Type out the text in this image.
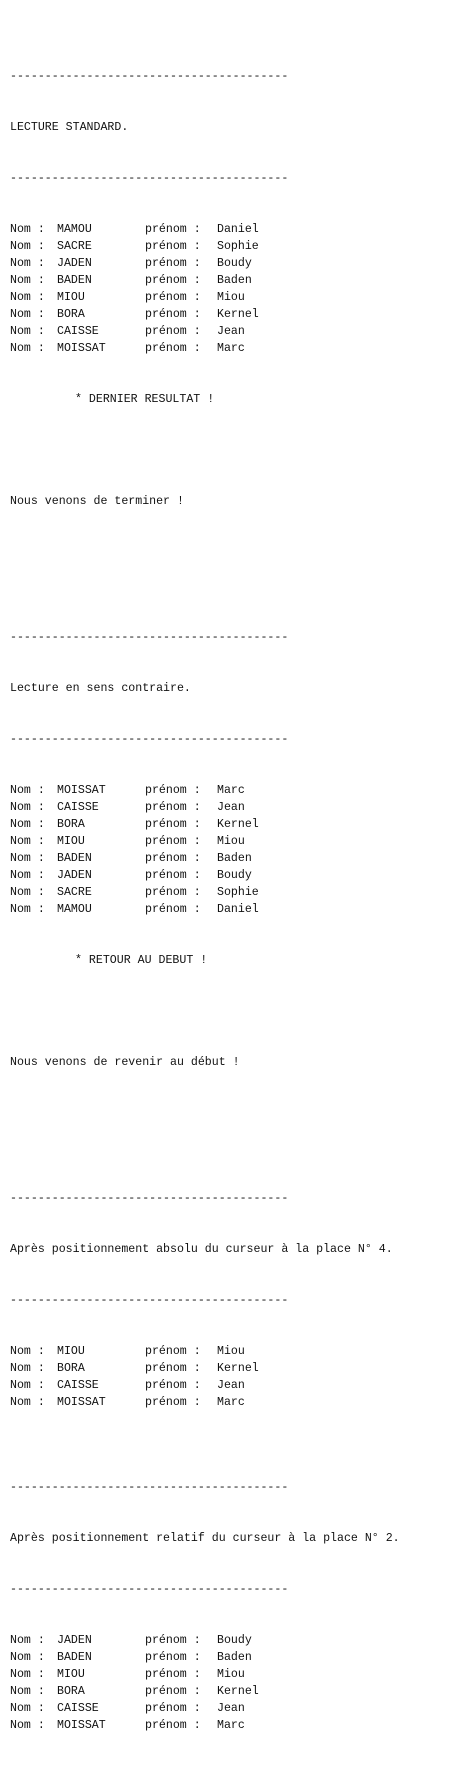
----------------------------------------

LECTURE STANDARD.

----------------------------------------

Nom : MAMOU	prénom : Daniel
Nom : SACRE	prénom : Sophie
Nom : JADEN	prénom : Boudy
Nom : BADEN	prénom : Baden
Nom : MIOU	prénom : Miou
Nom : BORA	prénom : Kernel
Nom : CAISSE	prénom : Jean
Nom : MOISSAT	prénom : Marc

* DERNIER RESULTAT !

Nous venons de terminer !

----------------------------------------

Lecture en sens contraire.

----------------------------------------

Nom : MOISSAT	prénom : Marc
Nom : CAISSE	prénom : Jean
Nom : BORA	prénom : Kernel
Nom : MIOU	prénom : Miou
Nom : BADEN	prénom : Baden
Nom : JADEN	prénom : Boudy
Nom : SACRE	prénom : Sophie
Nom : MAMOU	prénom : Daniel

* RETOUR AU DEBUT !

Nous venons de revenir au début !

----------------------------------------

Après positionnement absolu du curseur à la place N° 4.

----------------------------------------

Nom : MIOU	prénom : Miou
Nom : BORA	prénom : Kernel
Nom : CAISSE	prénom : Jean
Nom : MOISSAT	prénom : Marc

----------------------------------------

Après positionnement relatif du curseur à la place N° 2.

----------------------------------------

Nom : JADEN	prénom : Boudy
Nom : BADEN	prénom : Baden
Nom : MIOU	prénom : Miou
Nom : BORA	prénom : Kernel
Nom : CAISSE	prénom : Jean
Nom : MOISSAT	prénom : Marc
